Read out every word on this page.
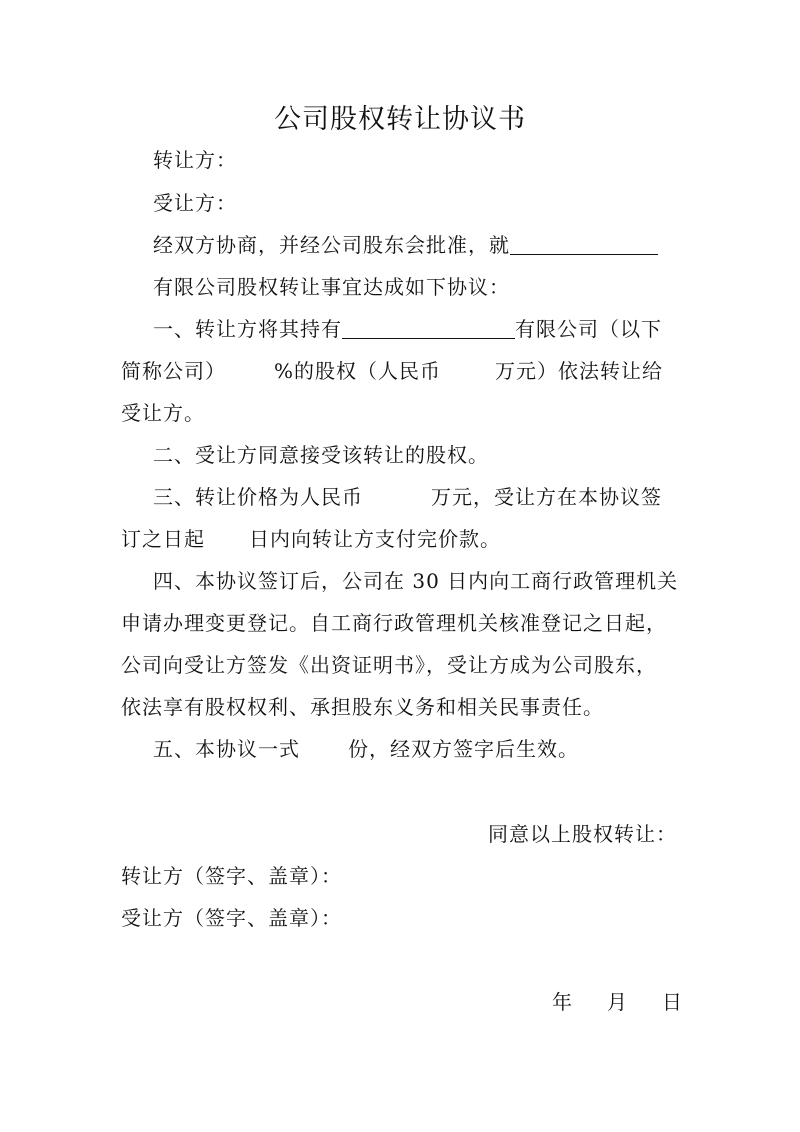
公司股权转让协议书
转让方：
受让方：
经双方协商，并经公司股东会批准，就
有限公司股权转让事宜达成如下协议：
一、转让方将其持有	有限公司（以下
简称公司） %的股权（人民币	万元）依法转让给
受让方。
二、受让方同意接受该转让的股权。
三、转让价格为人民币	万元，受让方在本协议签
订之日起 日内向转让方支付完价款。
四、本协议签订后，公司在 30 日内向工商行政管理机关
申请办理变更登记。自工商行政管理机关核准登记之日起，
公司向受让方签发《出资证明书》，受让方成为公司股东，
依法享有股权权利、承担股东义务和相关民事责任。
五、本协议一式 份，经双方签字后生效。
同意以上股权转让：
转让方（签字、盖章）：
受让方（签字、盖章）：
年 月 日
